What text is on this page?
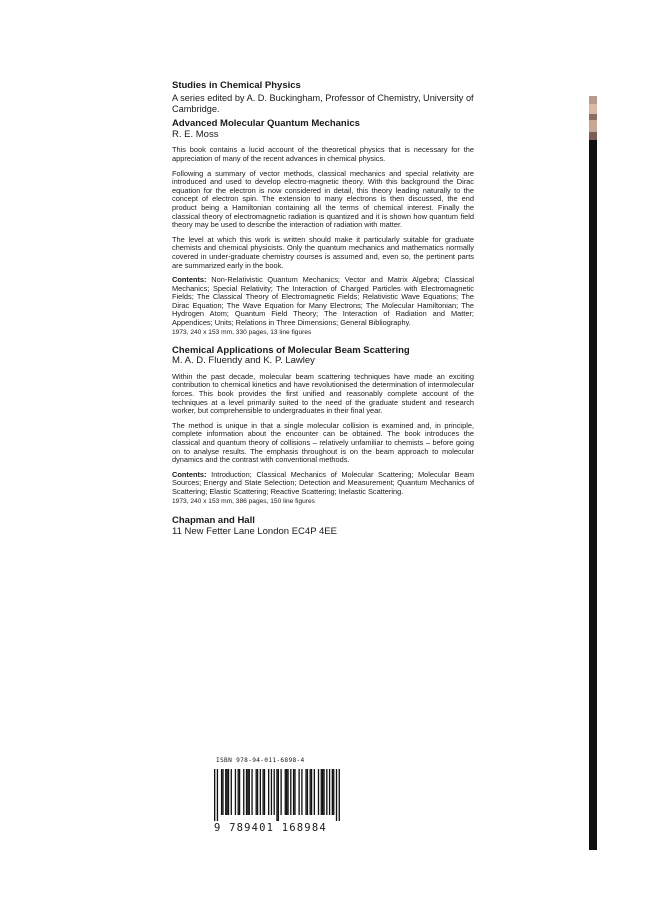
Studies in Chemical Physics

A series edited by A. D. Buckingham, Professor of Chemistry, University of Cambridge.

Advanced Molecular Quantum Mechanics

R. E. Moss

This book contains a lucid account of the theoretical physics that is necessary for the appreciation of many of the recent advances in chemical physics.

Following a summary of vector methods, classical mechanics and special relativity are introduced and used to develop electro-magnetic theory. With this background the Dirac equation for the electron is now considered in detail, this theory leading naturally to the concept of electron spin. The extension to many electrons is then discussed, the end product being a Hamiltonian containing all the terms of chemical interest. Finally the classical theory of electromagnetic radiation is quantized and it is shown how quantum field theory may be used to describe the interaction of radiation with matter.

The level at which this work is written should make it particularly suitable for graduate chemists and chemical physicists. Only the quantum mechanics and mathematics normally covered in under-graduate chemistry courses is assumed and, even so, the pertinent parts are summarized early in the book.

Contents: Non-Relativistic Quantum Mechanics; Vector and Matrix Algebra; Classical Mechanics; Special Relativity; The Interaction of Charged Particles with Electromagnetic Fields; The Classical Theory of Electromagnetic Fields; Relativistic Wave Equations; The Dirac Equation; The Wave Equation for Many Electrons; The Molecular Hamiltonian; The Hydrogen Atom; Quantum Field Theory; The Interaction of Radiation and Matter; Appendices; Units; Relations in Three Dimensions; General Bibliography.

1973, 240 x 153 mm, 330 pages, 13 line figures

Chemical Applications of Molecular Beam Scattering

M. A. D. Fluendy and K. P. Lawley

Within the past decade, molecular beam scattering techniques have made an exciting contribution to chemical kinetics and have revolutionised the determination of intermolecular forces. This book provides the first unified and reasonably complete account of the techniques at a level primarily suited to the need of the graduate student and research worker, but comprehensible to undergraduates in their final year.

The method is unique in that a single molecular collision is examined and, in principle, complete information about the encounter can be obtained. The book introduces the classical and quantum theory of collisions – relatively unfamiliar to chemists – before going on to analyse results. The emphasis throughout is on the beam approach to molecular dynamics and the contrast with conventional methods.

Contents: Introduction; Classical Mechanics of Molecular Scattering; Molecular Beam Sources; Energy and State Selection; Detection and Measurement; Quantum Mechanics of Scattering; Elastic Scattering; Reactive Scattering; Inelastic Scattering.

1973, 240 x 153 mm, 386 pages, 150 line figures

Chapman and Hall

11 New Fetter Lane London EC4P 4EE

ISBN 978-94-011-6898-4
9 789401 168984
